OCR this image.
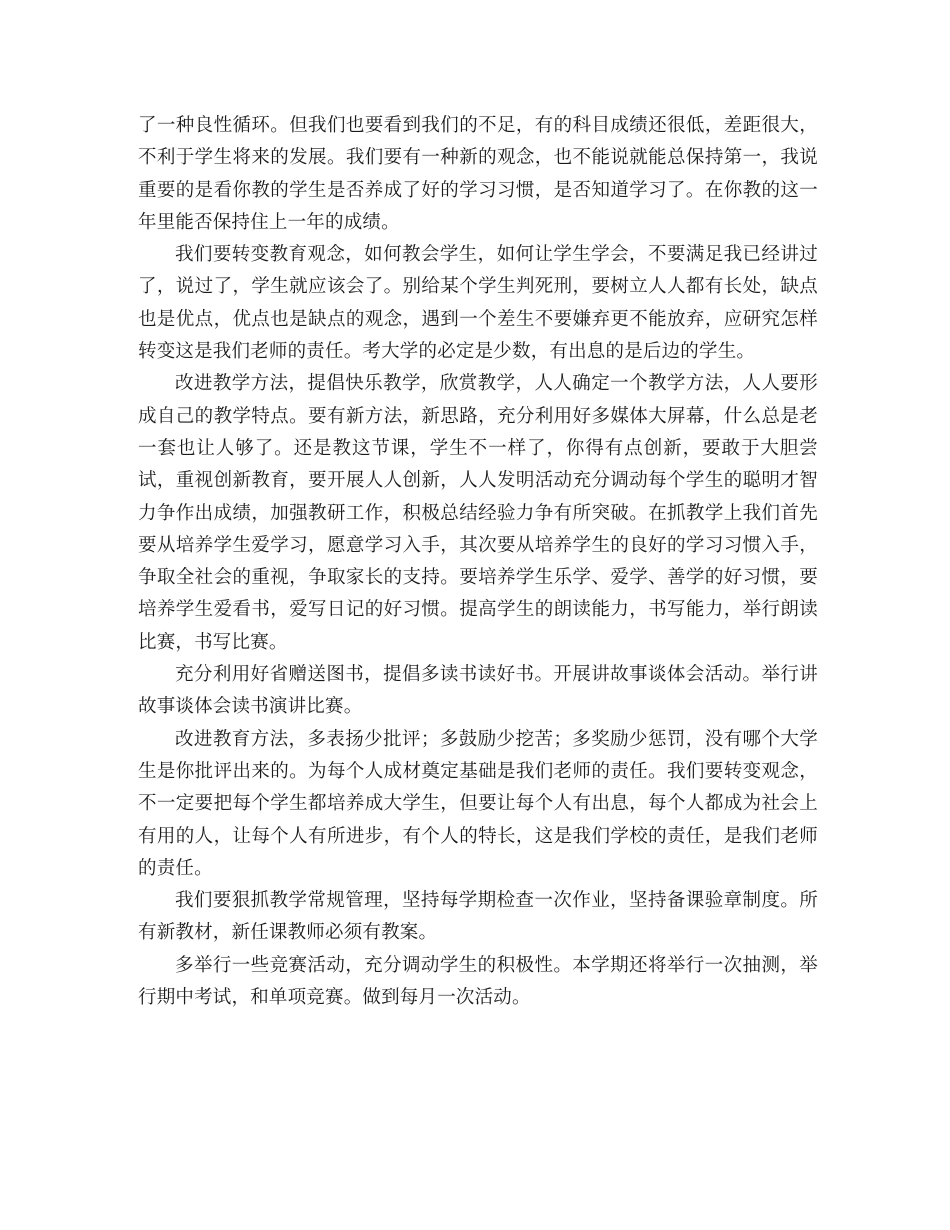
了一种良性循环。但我们也要看到我们的不足，有的科目成绩还很低，差距很大，不利于学生将来的发展。我们要有一种新的观念，也不能说就能总保持第一，我说重要的是看你教的学生是否养成了好的学习习惯，是否知道学习了。在你教的这一年里能否保持住上一年的成绩。

我们要转变教育观念，如何教会学生，如何让学生学会，不要满足我已经讲过了，说过了，学生就应该会了。别给某个学生判死刑，要树立人人都有长处，缺点也是优点，优点也是缺点的观念，遇到一个差生不要嫌弃更不能放弃，应研究怎样转变这是我们老师的责任。考大学的必定是少数，有出息的是后边的学生。

改进教学方法，提倡快乐教学，欣赏教学，人人确定一个教学方法，人人要形成自己的教学特点。要有新方法，新思路，充分利用好多媒体大屏幕，什么总是老一套也让人够了。还是教这节课，学生不一样了，你得有点创新，要敢于大胆尝试，重视创新教育，要开展人人创新，人人发明活动充分调动每个学生的聪明才智力争作出成绩，加强教研工作，积极总结经验力争有所突破。在抓教学上我们首先要从培养学生爱学习，愿意学习入手，其次要从培养学生的良好的学习习惯入手，争取全社会的重视，争取家长的支持。要培养学生乐学、爱学、善学的好习惯，要培养学生爱看书，爱写日记的好习惯。提高学生的朗读能力，书写能力，举行朗读比赛，书写比赛。

充分利用好省赠送图书，提倡多读书读好书。开展讲故事谈体会活动。举行讲故事谈体会读书演讲比赛。

改进教育方法，多表扬少批评；多鼓励少挖苦；多奖励少惩罚，没有哪个大学生是你批评出来的。为每个人成材奠定基础是我们老师的责任。我们要转变观念，不一定要把每个学生都培养成大学生，但要让每个人有出息，每个人都成为社会上有用的人，让每个人有所进步，有个人的特长，这是我们学校的责任，是我们老师的责任。

我们要狠抓教学常规管理，坚持每学期检查一次作业，坚持备课验章制度。所有新教材，新任课教师必须有教案。

多举行一些竞赛活动，充分调动学生的积极性。本学期还将举行一次抽测，举行期中考试，和单项竞赛。做到每月一次活动。
